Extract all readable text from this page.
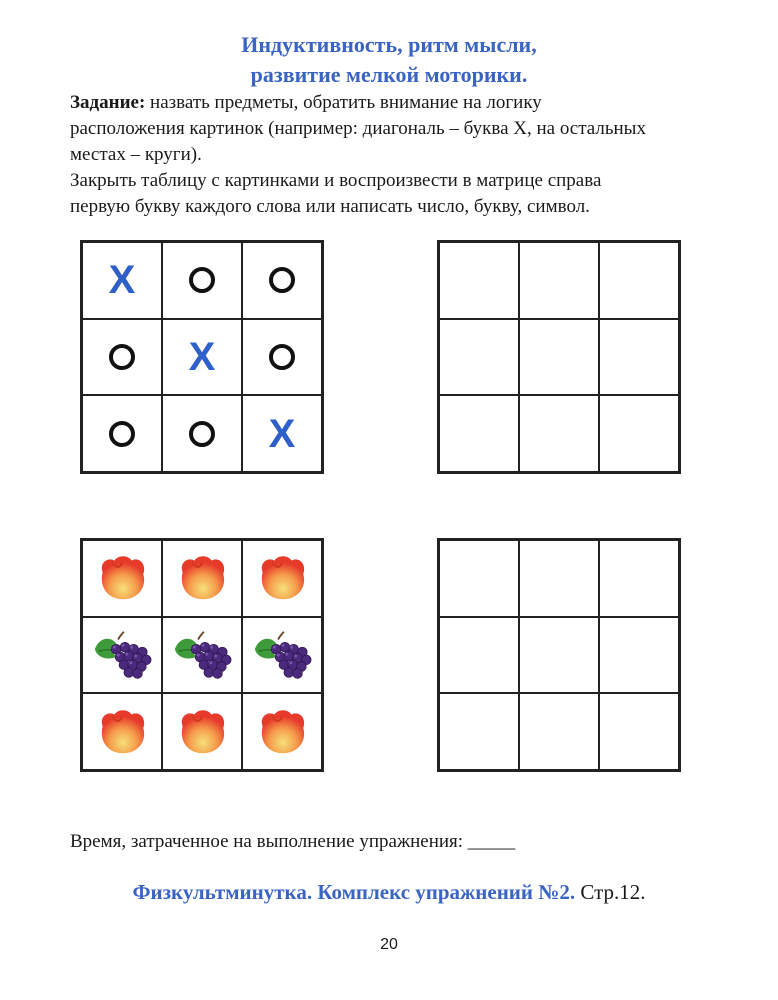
Индуктивность, ритм мысли,
развитие мелкой моторики.
Задание: назвать предметы, обратить внимание на логику
расположения картинок (например: диагональ – буква Х, на остальных
местах – круги).
Закрыть таблицу с картинками и воспроизвести в матрице справа
первую букву каждого слова или написать число, букву, символ.
X
X
X
Время, затраченное на выполнение упражнения: _____
Физкультминутка. Комплекс упражнений №2. Стр.12.
20
